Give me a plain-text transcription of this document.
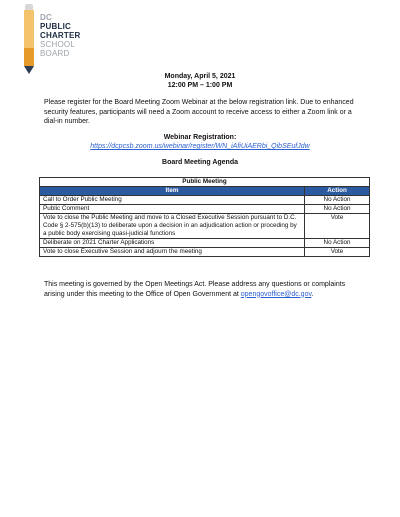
DC
PUBLIC
CHARTER
SCHOOL
BOARD
Monday, April 5, 2021
12:00 PM – 1:00 PM
Please register for the Board Meeting Zoom Webinar at the below registration link. Due to enhanced security features, participants will need a Zoom account to receive access to either a Zoom link or a dial-in number.
Webinar Registration:
https://dcpcsb.zoom.us/webinar/register/WN_iAfiUiAERbi_QibSEufJdw
Board Meeting Agenda
Public Meeting	
Item	Action
Call to Order Public Meeting	No Action
Public Comment	No Action
Vote to close the Public Meeting and move to a Closed Executive Session pursuant to D.C. Code § 2-575(b)(13) to deliberate upon a decision in an adjudication action or proceding by a public body exercising quasi-judicial functions	Vote
Deliberate on 2021 Charter Applications	No Action
Vote to close Executive Session and adjourn the meeting	Vote
This meeting is governed by the Open Meetings Act. Please address any questions or complaints arising under this meeting to the Office of Open Government at opengovoffice@dc.gov.
